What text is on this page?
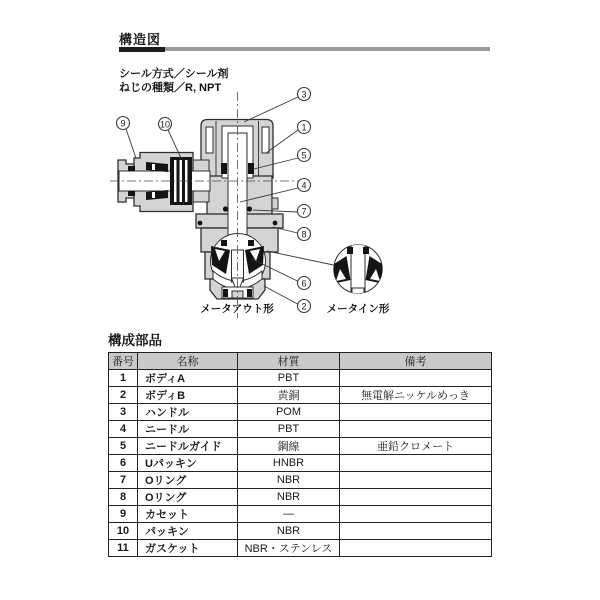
9	10
3
1
5
4
7
8
6
2
メータアウト形	メータイン形
構造図
シール方式／シール剤
ねじの種類／R, NPT
構成部品
番号	名称	材質	備考
1	ボディA	PBT	
2	ボディB	黄銅	無電解ニッケルめっき
3	ハンドル	POM	
4	ニードル	PBT	
5	ニードルガイド	鋼線	亜鉛クロメート
6	Uパッキン	HNBR	
7	Oリング	NBR	
8	Oリング	NBR	
9	カセット	—	
10	パッキン	NBR	
11	ガスケット	NBR・ステンレス	
